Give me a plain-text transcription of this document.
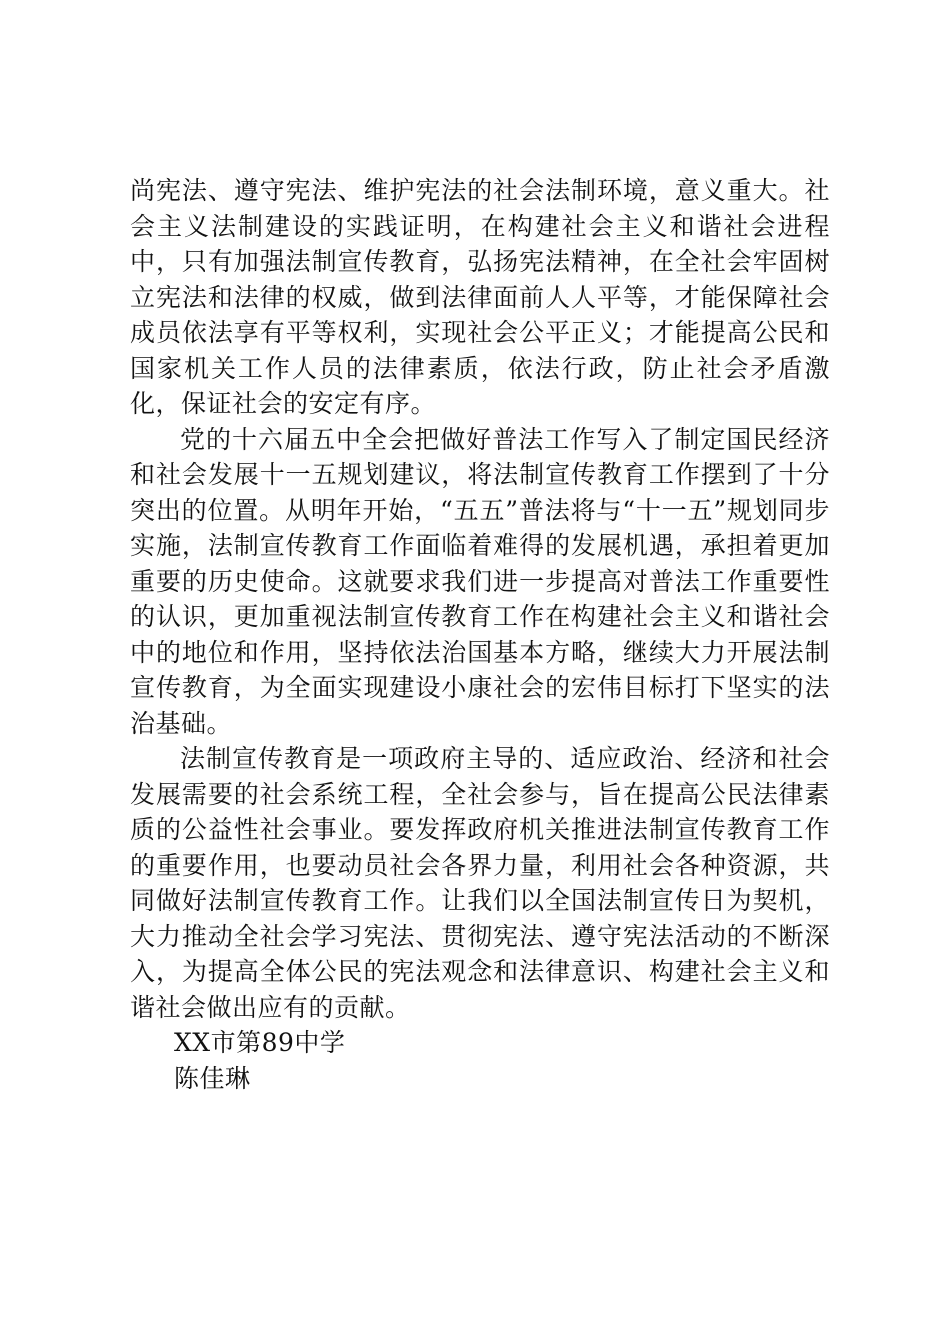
尚宪法、遵守宪法、维护宪法的社会法制环境，意义重大。社会主义法制建设的实践证明，在构建社会主义和谐社会进程中，只有加强法制宣传教育，弘扬宪法精神，在全社会牢固树立宪法和法律的权威，做到法律面前人人平等，才能保障社会成员依法享有平等权利，实现社会公平正义；才能提高公民和国家机关工作人员的法律素质，依法行政，防止社会矛盾激化，保证社会的安定有序。

党的十六届五中全会把做好普法工作写入了制定国民经济和社会发展十一五规划建议，将法制宣传教育工作摆到了十分突出的位置。从明年开始，“五五”普法将与“十一五”规划同步实施，法制宣传教育工作面临着难得的发展机遇，承担着更加重要的历史使命。这就要求我们进一步提高对普法工作重要性的认识，更加重视法制宣传教育工作在构建社会主义和谐社会中的地位和作用，坚持依法治国基本方略，继续大力开展法制宣传教育，为全面实现建设小康社会的宏伟目标打下坚实的法治基础。

法制宣传教育是一项政府主导的、适应政治、经济和社会发展需要的社会系统工程，全社会参与，旨在提高公民法律素质的公益性社会事业。要发挥政府机关推进法制宣传教育工作的重要作用，也要动员社会各界力量，利用社会各种资源，共同做好法制宣传教育工作。让我们以全国法制宣传日为契机，大力推动全社会学习宪法、贯彻宪法、遵守宪法活动的不断深入，为提高全体公民的宪法观念和法律意识、构建社会主义和谐社会做出应有的贡献。

XX市第89中学

陈佳琳
